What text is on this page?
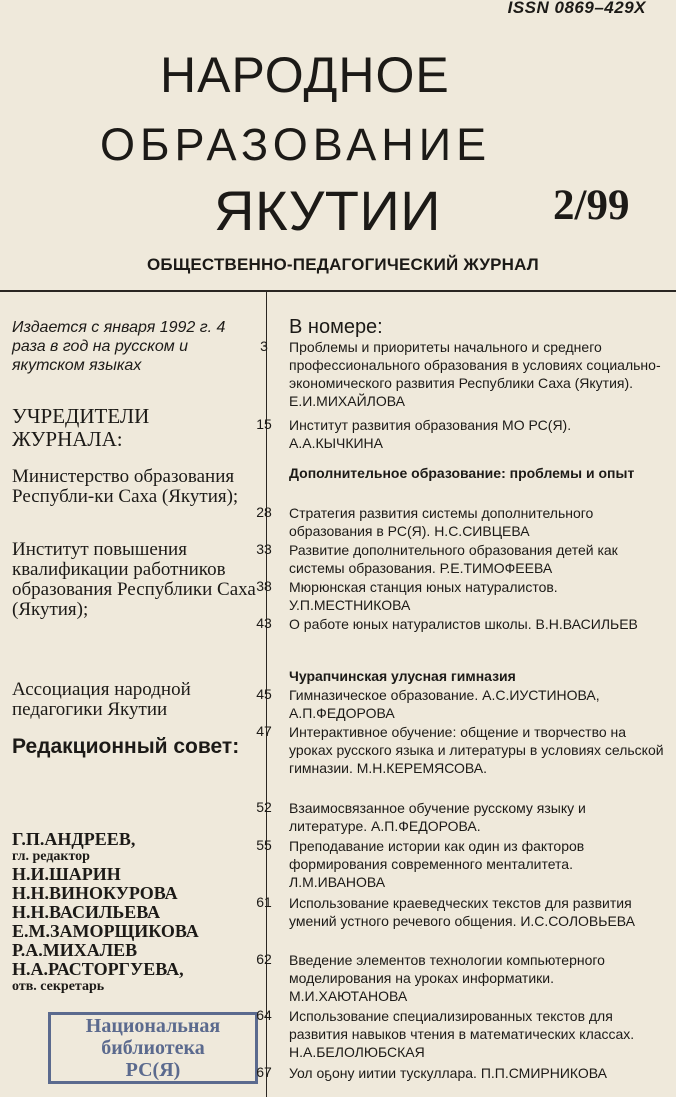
ISSN 0869–429X
НАРОДНОЕ
ОБРАЗОВАНИЕ
ЯКУТИИ	2/99
ОБЩЕСТВЕННО-ПЕДАГОГИЧЕСКИЙ ЖУРНАЛ
Издается с января 1992 г. 4 раза в год на русском и якутском языках
УЧРЕДИТЕЛИ ЖУРНАЛА:
Министерство образования Республи-ки Саха (Якутия);
Институт повышения квалификации работников образования Республики Саха (Якутия);
Ассоциация народной педагогики Якутии
Редакционный совет:
Г.П.АНДРЕЕВ,
гл. редактор
Н.И.ШАРИН
Н.Н.ВИНОКУРОВА
Н.Н.ВАСИЛЬЕВА
Е.М.ЗАМОРЩИКОВА
Р.А.МИХАЛЕВ
Н.А.РАСТОРГУЕВА,
отв. секретарь
Национальная
библиотека
РС(Я)
В номере:
3	Проблемы и приоритеты начального и среднего профессионального образования в условиях социально-экономического развития Республики Саха (Якутия). Е.И.МИХАЙЛОВА
15	Институт развития образования МО РС(Я). А.А.КЫЧКИНА
Дополнительное образование: проблемы и опыт
28	Стратегия развития системы дополнительного образования в РС(Я). Н.С.СИВЦЕВА
33	Развитие дополнительного образования детей как системы образования. Р.Е.ТИМОФЕЕВА
38	Мюрюнская станция юных натуралистов. У.П.МЕСТНИКОВА
43	О работе юных натуралистов школы. В.Н.ВАСИЛЬЕВ
Чурапчинская улусная гимназия
45	Гимназическое образование. А.С.ИУСТИНОВА, А.П.ФЕДОРОВА
47	Интерактивное обучение: общение и творчество на уроках русского языка и литературы в условиях сельской гимназии. М.Н.КЕРЕМЯСОВА.
52	Взаимосвязанное обучение русскому языку и литературе. А.П.ФЕДОРОВА.
55	Преподавание истории как один из факторов формирования современного менталитета. Л.М.ИВАНОВА
61	Использование краеведческих текстов для развития умений устного речевого общения. И.С.СОЛОВЬЕВА
62	Введение элементов технологии компьютерного моделирования на уроках информатики. М.И.ХАЮТАНОВА
64	Использование специализированных текстов для развития навыков чтения в математических классах. Н.А.БЕЛОЛЮБСКАЯ
67	Уол оҕону иитии тускуллара. П.П.СМИРНИКОВА
